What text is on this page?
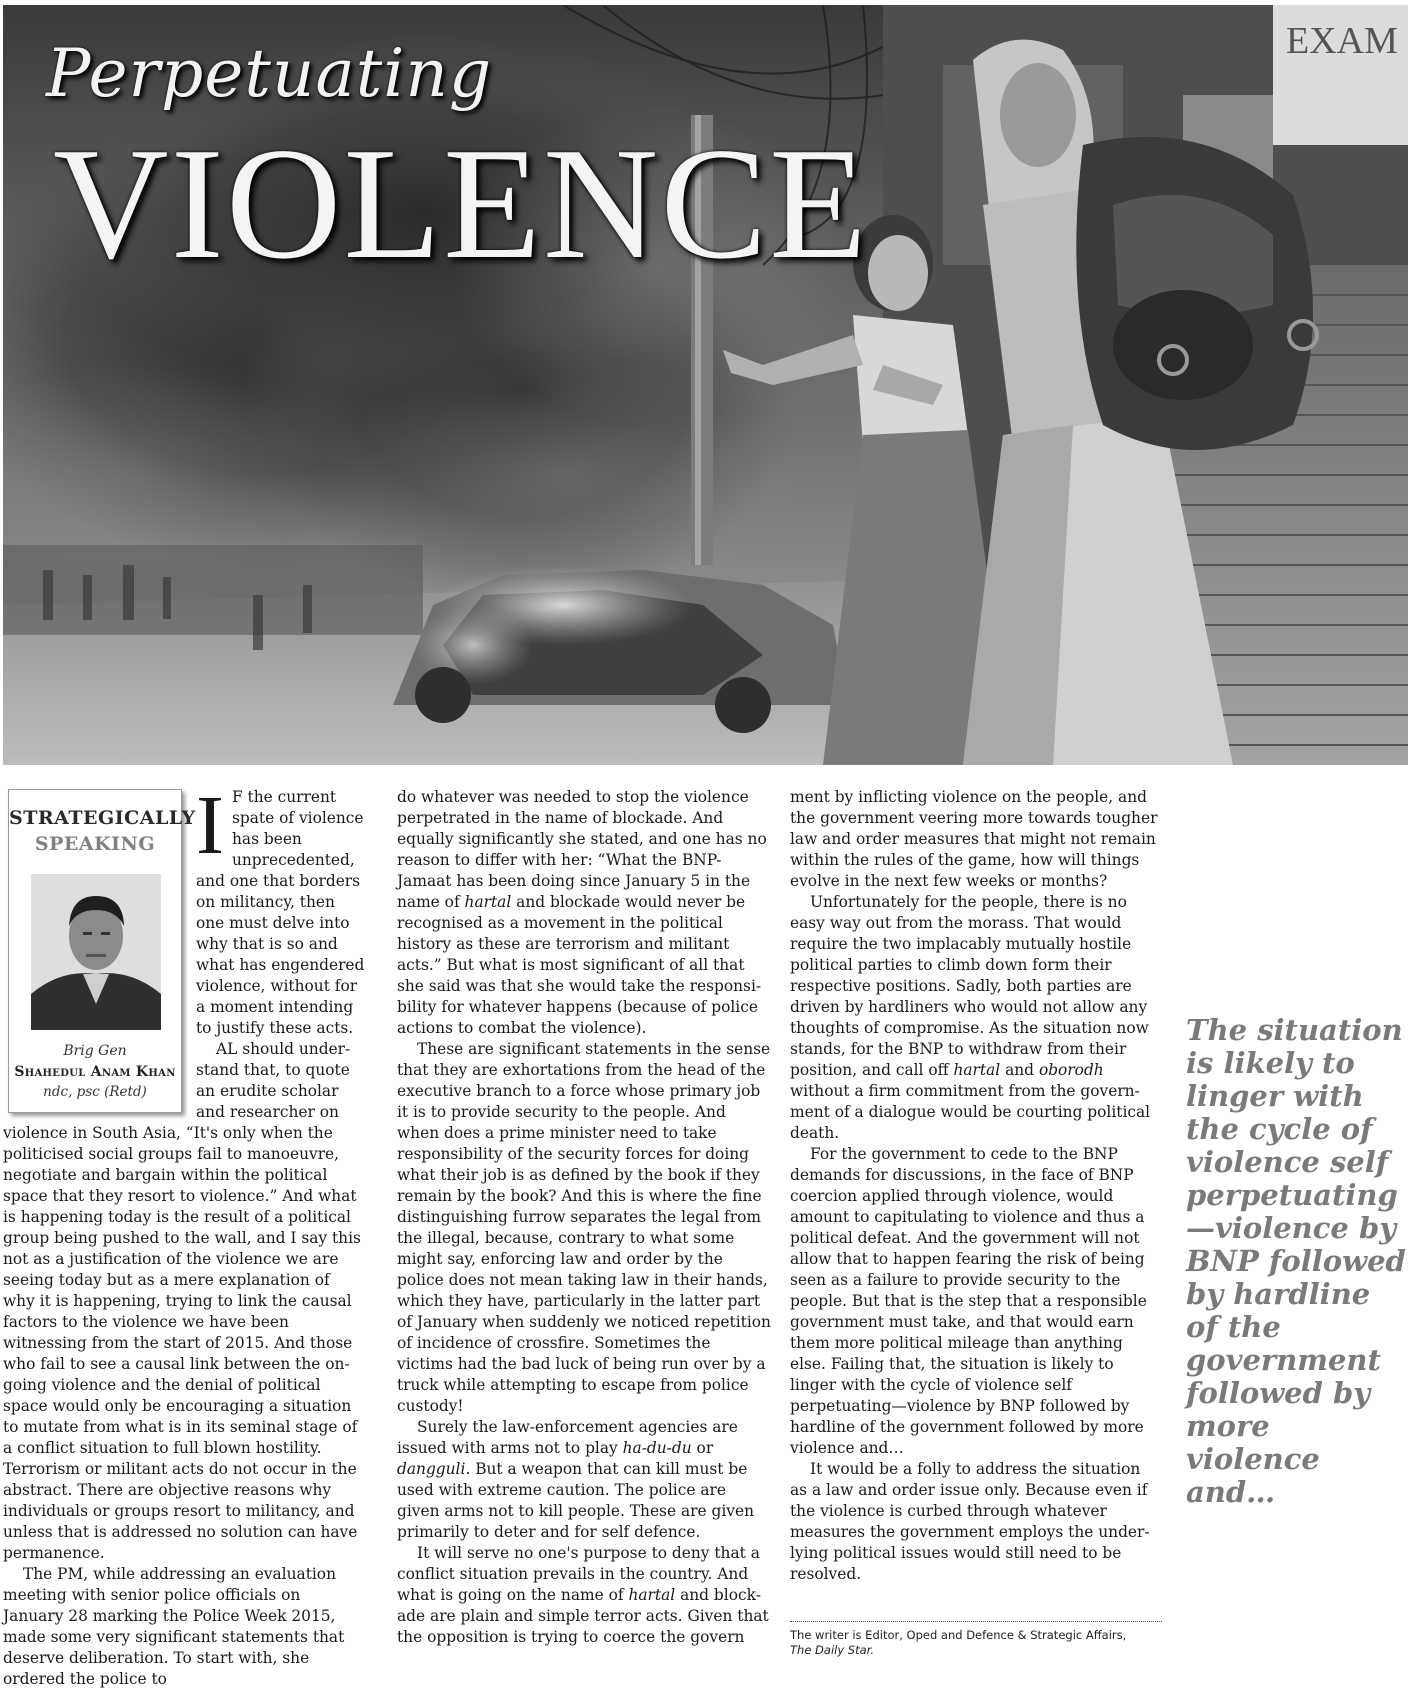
EXAM
Perpetuating
VIOLENCE
STRATEGICALLY
SPEAKING
Brig Gen
Shahedul Anam Khan
ndc, psc (Retd)
I F the current spate of violence has been unprecedented, and one that borders on militancy, then one must delve into why that is so and what has engendered violence, without for a moment intending to justify these acts.

AL should understand that, to quote an erudite scholar and researcher on violence in South Asia, “It's only when the politicised social groups fail to manoeuvre, negotiate and bargain within the political space that they resort to violence.” And what is happening today is the result of a political group being pushed to the wall, and I say this not as a justification of the violence we are seeing today but as a mere explanation of why it is happening, trying to link the causal factors to the violence we have been witnessing from the start of 2015. And those who fail to see a causal link between the on-going violence and the denial of political space would only be encouraging a situation to mutate from what is in its seminal stage of a conflict situation to full blown hostility. Terrorism or militant acts do not occur in the abstract. There are objective reasons why individuals or groups resort to militancy, and unless that is addressed no solution can have permanence.

The PM, while addressing an evaluation meeting with senior police officials on January 28 marking the Police Week 2015, made some very significant statements that deserve deliberation. To start with, she ordered the police to

do whatever was needed to stop the violence perpetrated in the name of blockade. And equally significantly she stated, and one has no reason to differ with her: “What the BNP-Jamaat has been doing since January 5 in the name of hartal and blockade would never be recognised as a movement in the political history as these are terrorism and militant acts.” But what is most significant of all that she said was that she would take the responsibility for whatever happens (because of police actions to combat the violence).

These are significant statements in the sense that they are exhortations from the head of the executive branch to a force whose primary job it is to provide security to the people. And when does a prime minister need to take responsibility of the security forces for doing what their job is as defined by the book if they remain by the book? And this is where the fine distinguishing furrow separates the legal from the illegal, because, contrary to what some might say, enforcing law and order by the police does not mean taking law in their hands, which they have, particularly in the latter part of January when suddenly we noticed repetition of incidence of crossfire. Sometimes the victims had the bad luck of being run over by a truck while attempting to escape from police custody!

Surely the law-enforcement agencies are issued with arms not to play ha-du-du or dangguli. But a weapon that can kill must be used with extreme caution. The police are given arms not to kill people. These are given primarily to deter and for self defence.

It will serve no one's purpose to deny that a conflict situation prevails in the country. And what is going on the name of hartal and blockade are plain and simple terror acts. Given that the opposition is trying to coerce the govern

ment by inflicting violence on the people, and the government veering more towards tougher law and order measures that might not remain within the rules of the game, how will things evolve in the next few weeks or months?

Unfortunately for the people, there is no easy way out from the morass. That would require the two implacably mutually hostile political parties to climb down form their respective positions. Sadly, both parties are driven by hardliners who would not allow any thoughts of compromise. As the situation now stands, for the BNP to withdraw from their position, and call off hartal and oborodh without a firm commitment from the government of a dialogue would be courting political death.

For the government to cede to the BNP demands for discussions, in the face of BNP coercion applied through violence, would amount to capitulating to violence and thus a political defeat. And the government will not allow that to happen fearing the risk of being seen as a failure to provide security to the people. But that is the step that a responsible government must take, and that would earn them more political mileage than anything else. Failing that, the situation is likely to linger with the cycle of violence self perpetuating—violence by BNP followed by hardline of the government followed by more violence and…

It would be a folly to address the situation as a law and order issue only. Because even if the violence is curbed through whatever measures the government employs the underlying political issues would still need to be resolved.

The writer is Editor, Oped and Defence & Strategic Affairs,
The Daily Star.

The situation is likely to linger with the cycle of violence self perpetuating—violence by BNP followed by hardline of the government followed by more violence and…
